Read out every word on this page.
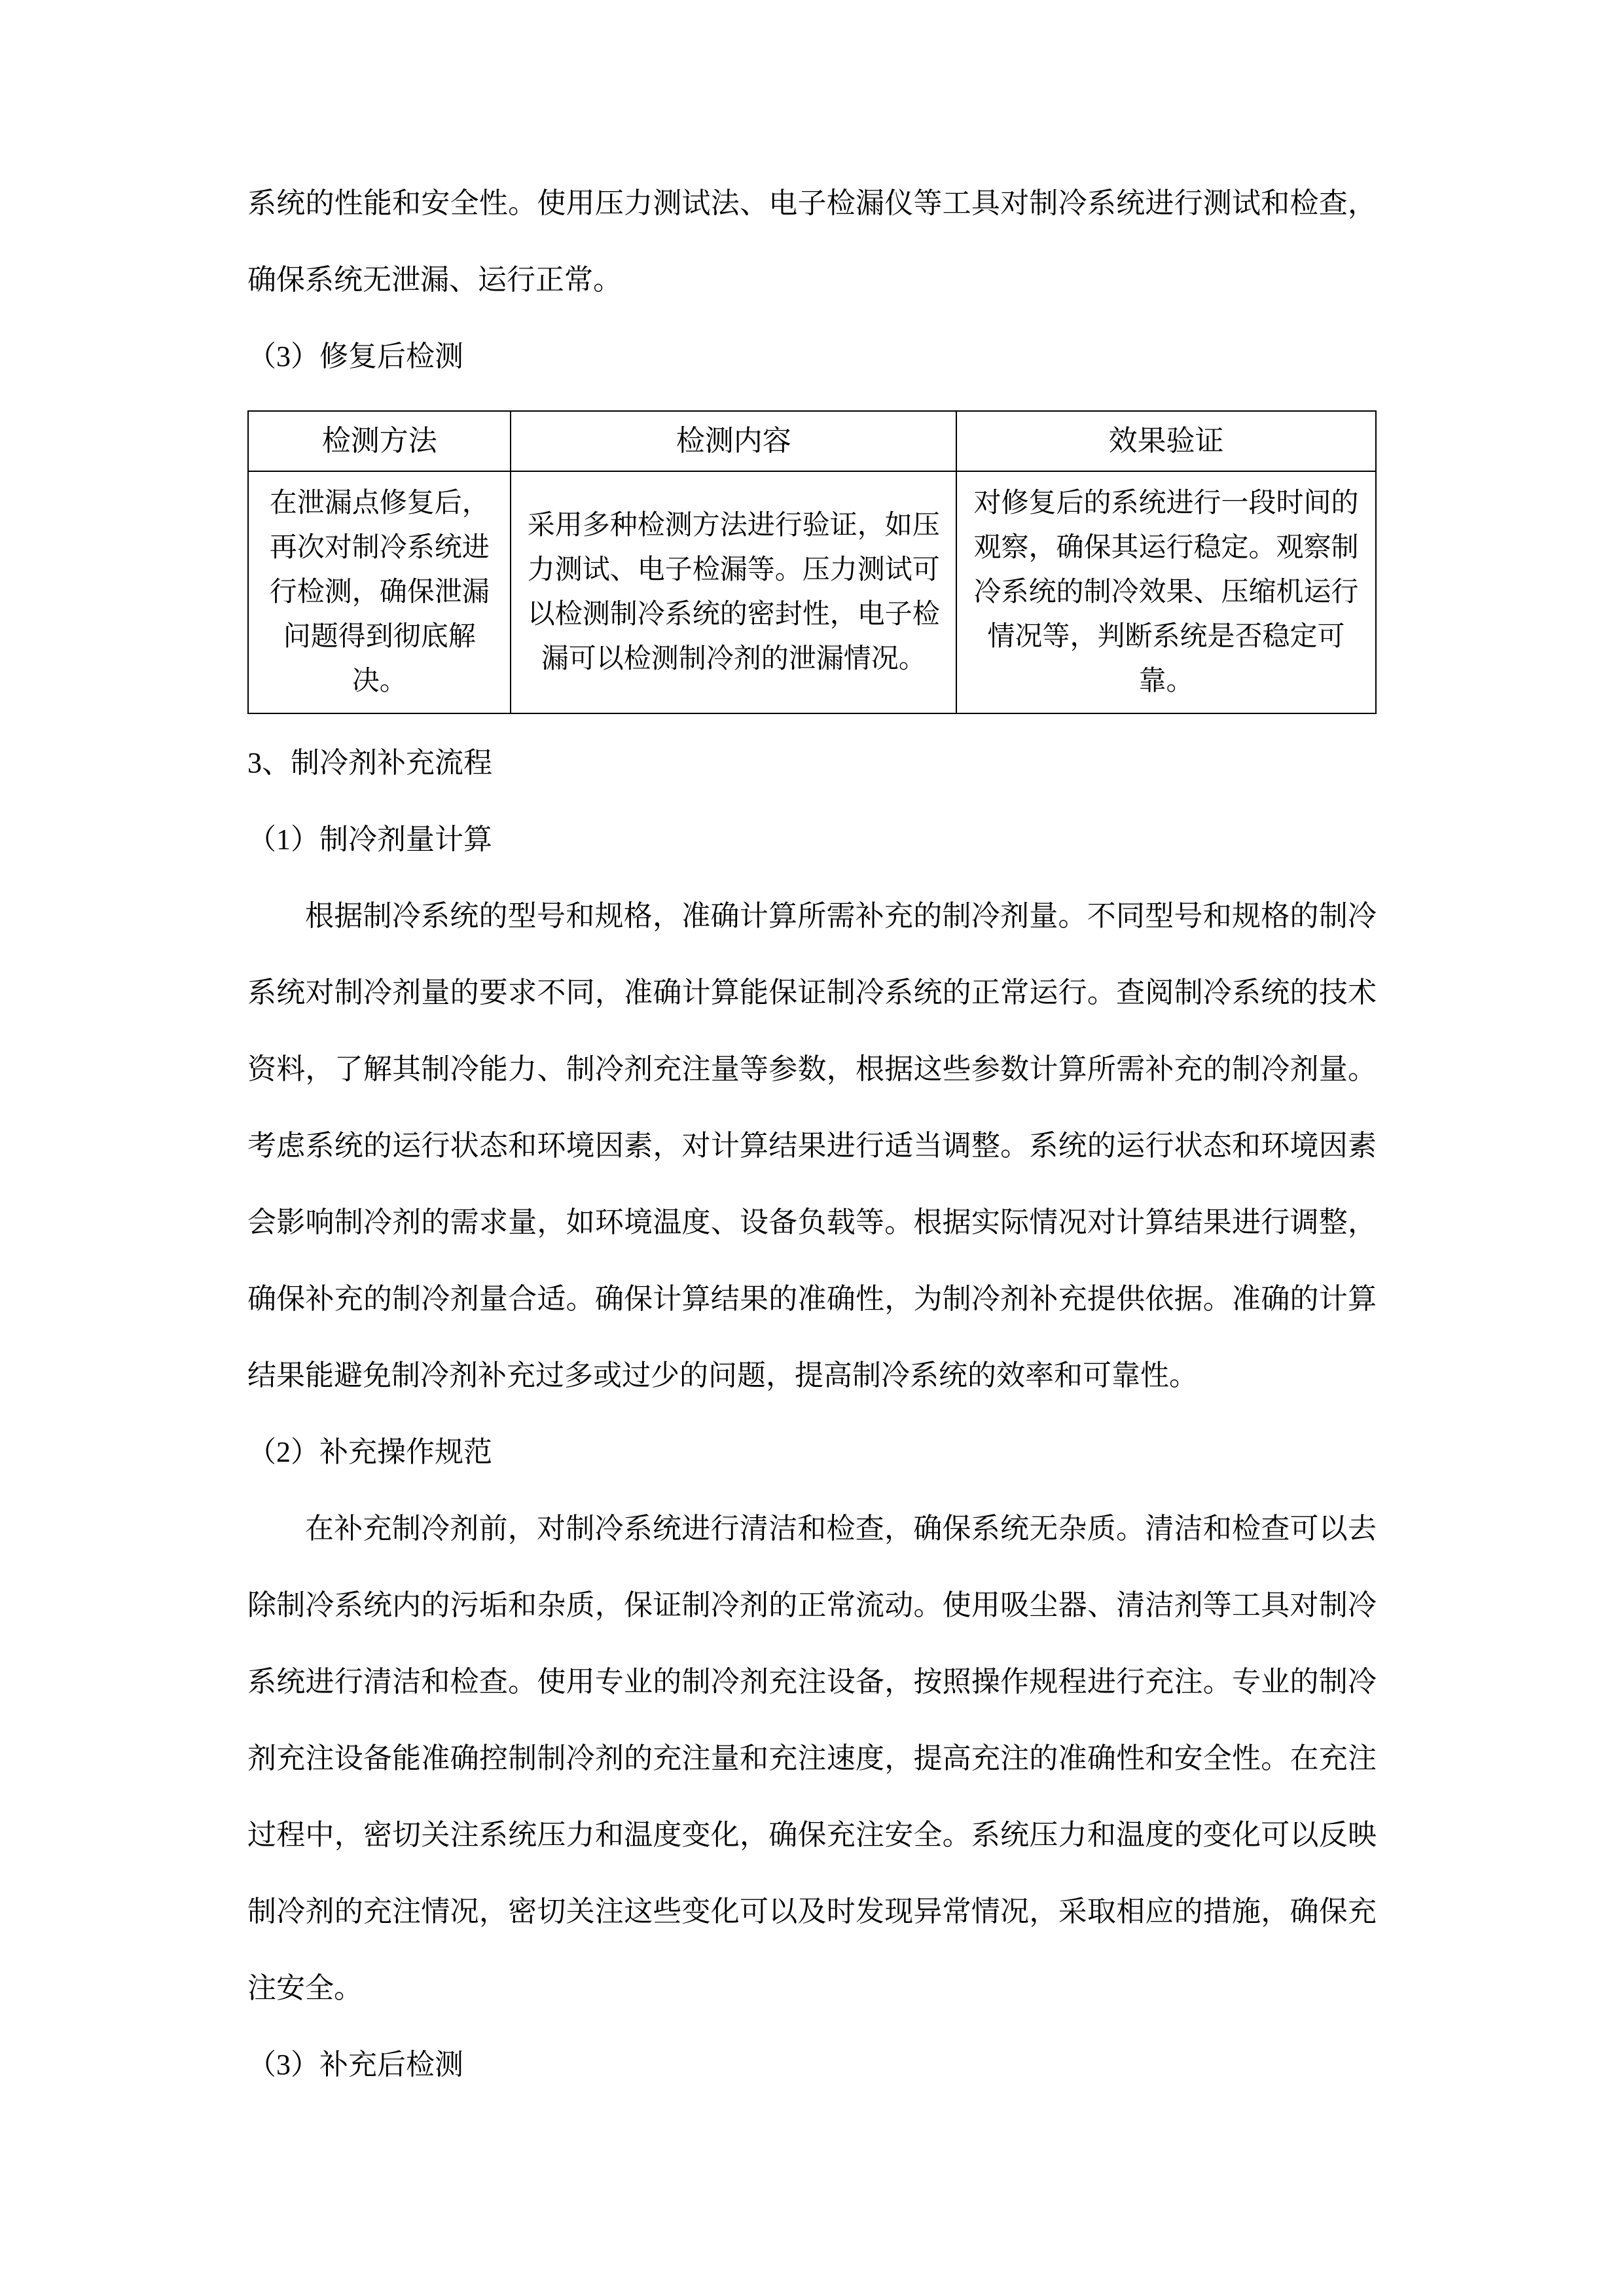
系统的性能和安全性。使用压力测试法、电子检漏仪等工具对制冷系统进行测试和检查，确保系统无泄漏、运行正常。

（3）修复后检测

检测方法	检测内容	效果验证
在泄漏点修复后，再次对制冷系统进行检测，确保泄漏问题得到彻底解决。	采用多种检测方法进行验证，如压力测试、电子检漏等。压力测试可以检测制冷系统的密封性，电子检漏可以检测制冷剂的泄漏情况。	对修复后的系统进行一段时间的观察，确保其运行稳定。观察制冷系统的制冷效果、压缩机运行情况等，判断系统是否稳定可靠。

3、制冷剂补充流程

（1）制冷剂量计算

根据制冷系统的型号和规格，准确计算所需补充的制冷剂量。不同型号和规格的制冷系统对制冷剂量的要求不同，准确计算能保证制冷系统的正常运行。查阅制冷系统的技术资料，了解其制冷能力、制冷剂充注量等参数，根据这些参数计算所需补充的制冷剂量。考虑系统的运行状态和环境因素，对计算结果进行适当调整。系统的运行状态和环境因素会影响制冷剂的需求量，如环境温度、设备负载等。根据实际情况对计算结果进行调整，确保补充的制冷剂量合适。确保计算结果的准确性，为制冷剂补充提供依据。准确的计算结果能避免制冷剂补充过多或过少的问题，提高制冷系统的效率和可靠性。

（2）补充操作规范

在补充制冷剂前，对制冷系统进行清洁和检查，确保系统无杂质。清洁和检查可以去除制冷系统内的污垢和杂质，保证制冷剂的正常流动。使用吸尘器、清洁剂等工具对制冷系统进行清洁和检查。使用专业的制冷剂充注设备，按照操作规程进行充注。专业的制冷剂充注设备能准确控制制冷剂的充注量和充注速度，提高充注的准确性和安全性。在充注过程中，密切关注系统压力和温度变化，确保充注安全。系统压力和温度的变化可以反映制冷剂的充注情况，密切关注这些变化可以及时发现异常情况，采取相应的措施，确保充注安全。

（3）补充后检测
